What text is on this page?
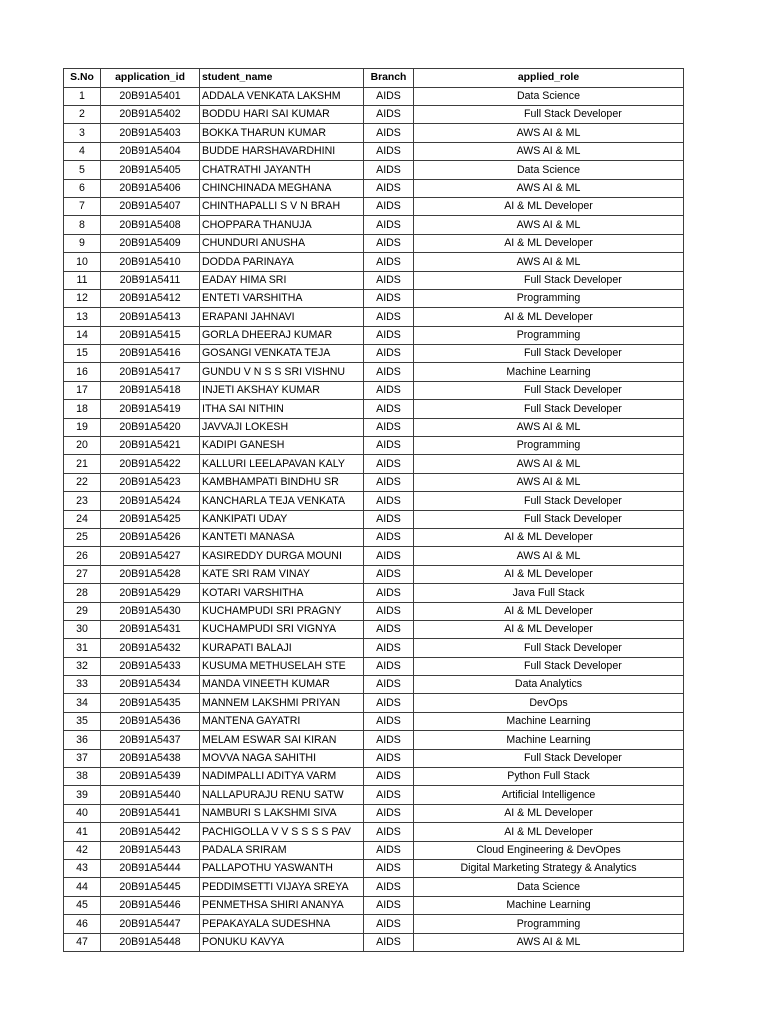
S.No	application_id	student_name	Branch	applied_role
1	20B91A5401	ADDALA VENKATA LAKSHM	AIDS	Data Science
2	20B91A5402	BODDU HARI SAI KUMAR	AIDS	Full Stack Developer
3	20B91A5403	BOKKA THARUN KUMAR	AIDS	AWS AI & ML
4	20B91A5404	BUDDE HARSHAVARDHINI	AIDS	AWS AI & ML
5	20B91A5405	CHATRATHI JAYANTH	AIDS	Data Science
6	20B91A5406	CHINCHINADA MEGHANA	AIDS	AWS AI & ML
7	20B91A5407	CHINTHAPALLI S V N BRAH	AIDS	AI & ML Developer
8	20B91A5408	CHOPPARA THANUJA	AIDS	AWS AI & ML
9	20B91A5409	CHUNDURI ANUSHA	AIDS	AI & ML Developer
10	20B91A5410	DODDA PARINAYA	AIDS	AWS AI & ML
11	20B91A5411	EADAY HIMA SRI	AIDS	Full Stack Developer
12	20B91A5412	ENTETI VARSHITHA	AIDS	Programming
13	20B91A5413	ERAPANI JAHNAVI	AIDS	AI & ML Developer
14	20B91A5415	GORLA DHEERAJ KUMAR	AIDS	Programming
15	20B91A5416	GOSANGI VENKATA TEJA	AIDS	Full Stack Developer
16	20B91A5417	GUNDU V N S S SRI VISHNU	AIDS	Machine Learning
17	20B91A5418	INJETI AKSHAY KUMAR	AIDS	Full Stack Developer
18	20B91A5419	ITHA SAI NITHIN	AIDS	Full Stack Developer
19	20B91A5420	JAVVAJI LOKESH	AIDS	AWS AI & ML
20	20B91A5421	KADIPI GANESH	AIDS	Programming
21	20B91A5422	KALLURI LEELAPAVAN KALY	AIDS	AWS AI & ML
22	20B91A5423	KAMBHAMPATI BINDHU SR	AIDS	AWS AI & ML
23	20B91A5424	KANCHARLA TEJA VENKATA	AIDS	Full Stack Developer
24	20B91A5425	KANKIPATI UDAY	AIDS	Full Stack Developer
25	20B91A5426	KANTETI MANASA	AIDS	AI & ML Developer
26	20B91A5427	KASIREDDY DURGA MOUNI	AIDS	AWS AI & ML
27	20B91A5428	KATE SRI RAM VINAY	AIDS	AI & ML Developer
28	20B91A5429	KOTARI VARSHITHA	AIDS	Java Full Stack
29	20B91A5430	KUCHAMPUDI SRI PRAGNY	AIDS	AI & ML Developer
30	20B91A5431	KUCHAMPUDI SRI VIGNYA	AIDS	AI & ML Developer
31	20B91A5432	KURAPATI BALAJI	AIDS	Full Stack Developer
32	20B91A5433	KUSUMA METHUSELAH STE	AIDS	Full Stack Developer
33	20B91A5434	MANDA VINEETH KUMAR	AIDS	Data Analytics
34	20B91A5435	MANNEM LAKSHMI PRIYAN	AIDS	DevOps
35	20B91A5436	MANTENA GAYATRI	AIDS	Machine Learning
36	20B91A5437	MELAM ESWAR SAI KIRAN	AIDS	Machine Learning
37	20B91A5438	MOVVA NAGA SAHITHI	AIDS	Full Stack Developer
38	20B91A5439	NADIMPALLI ADITYA VARM	AIDS	Python Full Stack
39	20B91A5440	NALLAPURAJU RENU SATW	AIDS	Artificial Intelligence
40	20B91A5441	NAMBURI S LAKSHMI SIVA	AIDS	AI & ML Developer
41	20B91A5442	PACHIGOLLA V V S S S S PAV	AIDS	AI & ML Developer
42	20B91A5443	PADALA SRIRAM	AIDS	Cloud Engineering & DevOpes
43	20B91A5444	PALLAPOTHU YASWANTH	AIDS	Digital Marketing Strategy & Analytics
44	20B91A5445	PEDDIMSETTI VIJAYA SREYA	AIDS	Data Science
45	20B91A5446	PENMETHSA SHIRI ANANYA	AIDS	Machine Learning
46	20B91A5447	PEPAKAYALA SUDESHNA	AIDS	Programming
47	20B91A5448	PONUKU KAVYA	AIDS	AWS AI & ML
